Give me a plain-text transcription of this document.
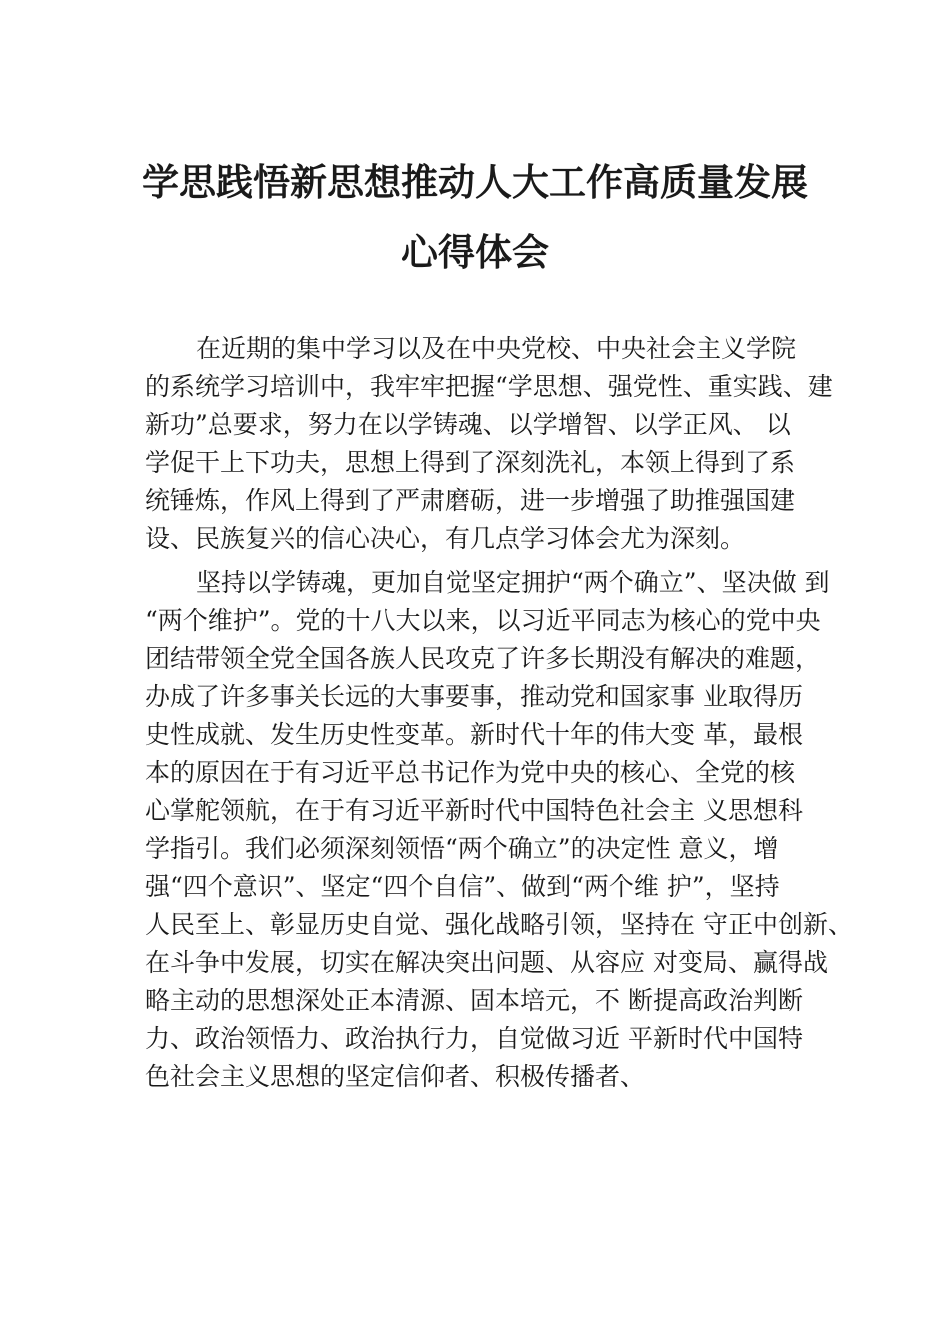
学思践悟新思想推动人大工作高质量发展
心得体会
在近期的集中学习以及在中央党校、中央社会主义学院
的系统学习培训中，我牢牢把握“学思想、强党性、重实践、建
新功”总要求，努力在以学铸魂、以学增智、以学正风、 以
学促干上下功夫，思想上得到了深刻洗礼，本领上得到了系
统锤炼，作风上得到了严肃磨砺，进一步增强了助推强国建
设、民族复兴的信心决心，有几点学习体会尤为深刻。
坚持以学铸魂，更加自觉坚定拥护“两个确立”、坚决做 到
“两个维护”。党的十八大以来，以习近平同志为核心的党中央
团结带领全党全国各族人民攻克了许多长期没有解决的难题，
办成了许多事关长远的大事要事，推动党和国家事 业取得历
史性成就、发生历史性变革。新时代十年的伟大变 革，最根
本的原因在于有习近平总书记作为党中央的核心、全党的核
心掌舵领航，在于有习近平新时代中国特色社会主 义思想科
学指引。我们必须深刻领悟“两个确立”的决定性 意义，增
强“四个意识”、坚定“四个自信”、做到“两个维 护”，坚持
人民至上、彰显历史自觉、强化战略引领，坚持在 守正中创新、
在斗争中发展，切实在解决突出问题、从容应 对变局、赢得战
略主动的思想深处正本清源、固本培元，不 断提高政治判断
力、政治领悟力、政治执行力，自觉做习近 平新时代中国特
色社会主义思想的坚定信仰者、积极传播者、
